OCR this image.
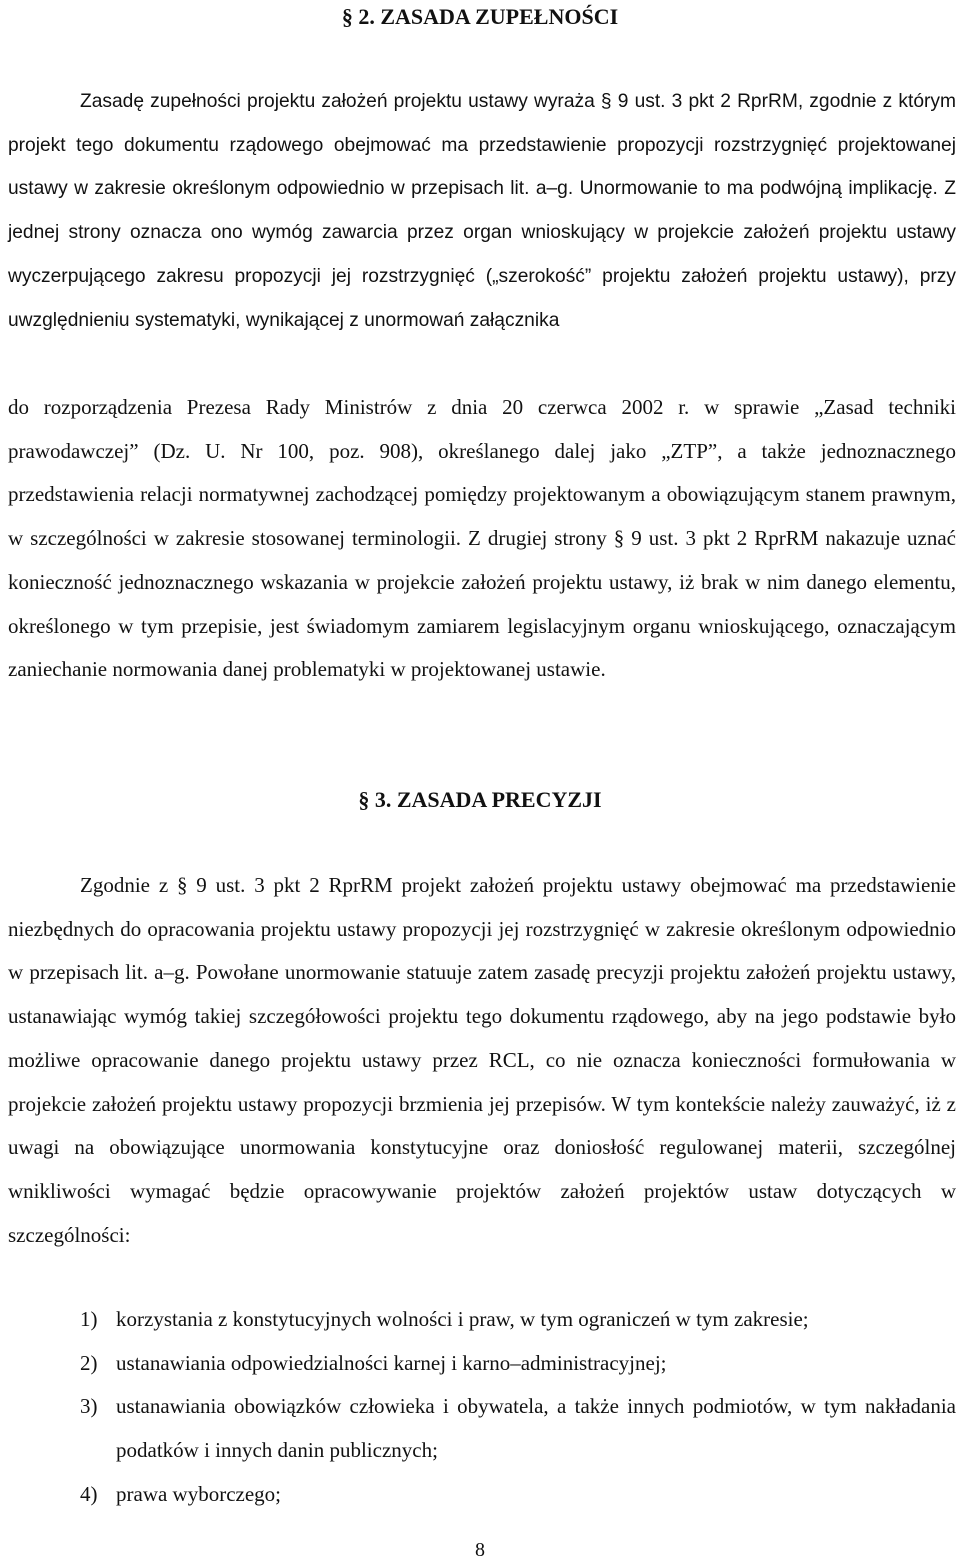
§ 2. ZASADA ZUPEŁNOŚCI

Zasadę zupełności projektu założeń projektu ustawy wyraża § 9 ust. 3 pkt 2 RprRM, zgodnie z którym projekt tego dokumentu rządowego obejmować ma przedstawienie propozycji rozstrzygnięć projektowanej ustawy w zakresie określonym odpowiednio w przepisach lit. a–g. Unormowanie to ma podwójną implikację. Z jednej strony oznacza ono wymóg zawarcia przez organ wnioskujący w projekcie założeń projektu ustawy wyczerpującego zakresu propozycji jej rozstrzygnięć („szerokość” projektu założeń projektu ustawy), przy uwzględnieniu systematyki, wynikającej z unormowań załącznika

do rozporządzenia Prezesa Rady Ministrów z dnia 20 czerwca 2002 r. w sprawie „Zasad techniki prawodawczej” (Dz. U. Nr 100, poz. 908), określanego dalej jako „ZTP”, a także jednoznacznego przedstawienia relacji normatywnej zachodzącej pomiędzy projektowanym a obowiązującym stanem prawnym, w szczególności w zakresie stosowanej terminologii. Z drugiej strony § 9 ust. 3 pkt 2 RprRM nakazuje uznać konieczność jednoznacznego wskazania w projekcie założeń projektu ustawy, iż brak w nim danego elementu, określonego w tym przepisie, jest świadomym zamiarem legislacyjnym organu wnioskującego, oznaczającym zaniechanie normowania danej problematyki w projektowanej ustawie.

§ 3. ZASADA PRECYZJI

Zgodnie z § 9 ust. 3 pkt 2 RprRM projekt założeń projektu ustawy obejmować ma przedstawienie niezbędnych do opracowania projektu ustawy propozycji jej rozstrzygnięć w zakresie określonym odpowiednio w przepisach lit. a–g. Powołane unormowanie statuuje zatem zasadę precyzji projektu założeń projektu ustawy, ustanawiając wymóg takiej szczegółowości projektu tego dokumentu rządowego, aby na jego podstawie było możliwe opracowanie danego projektu ustawy przez RCL, co nie oznacza konieczności formułowania w projekcie założeń projektu ustawy propozycji brzmienia jej przepisów. W tym kontekście należy zauważyć, iż z uwagi na obowiązujące unormowania konstytucyjne oraz doniosłość regulowanej materii, szczególnej wnikliwości wymagać będzie opracowywanie projektów założeń projektów ustaw dotyczących w szczególności:

1) korzystania z konstytucyjnych wolności i praw, w tym ograniczeń w tym zakresie;
2) ustanawiania odpowiedzialności karnej i karno–administracyjnej;
3) ustanawiania obowiązków człowieka i obywatela, a także innych podmiotów, w tym nakładania podatków i innych danin publicznych;
4) prawa wyborczego;
8
